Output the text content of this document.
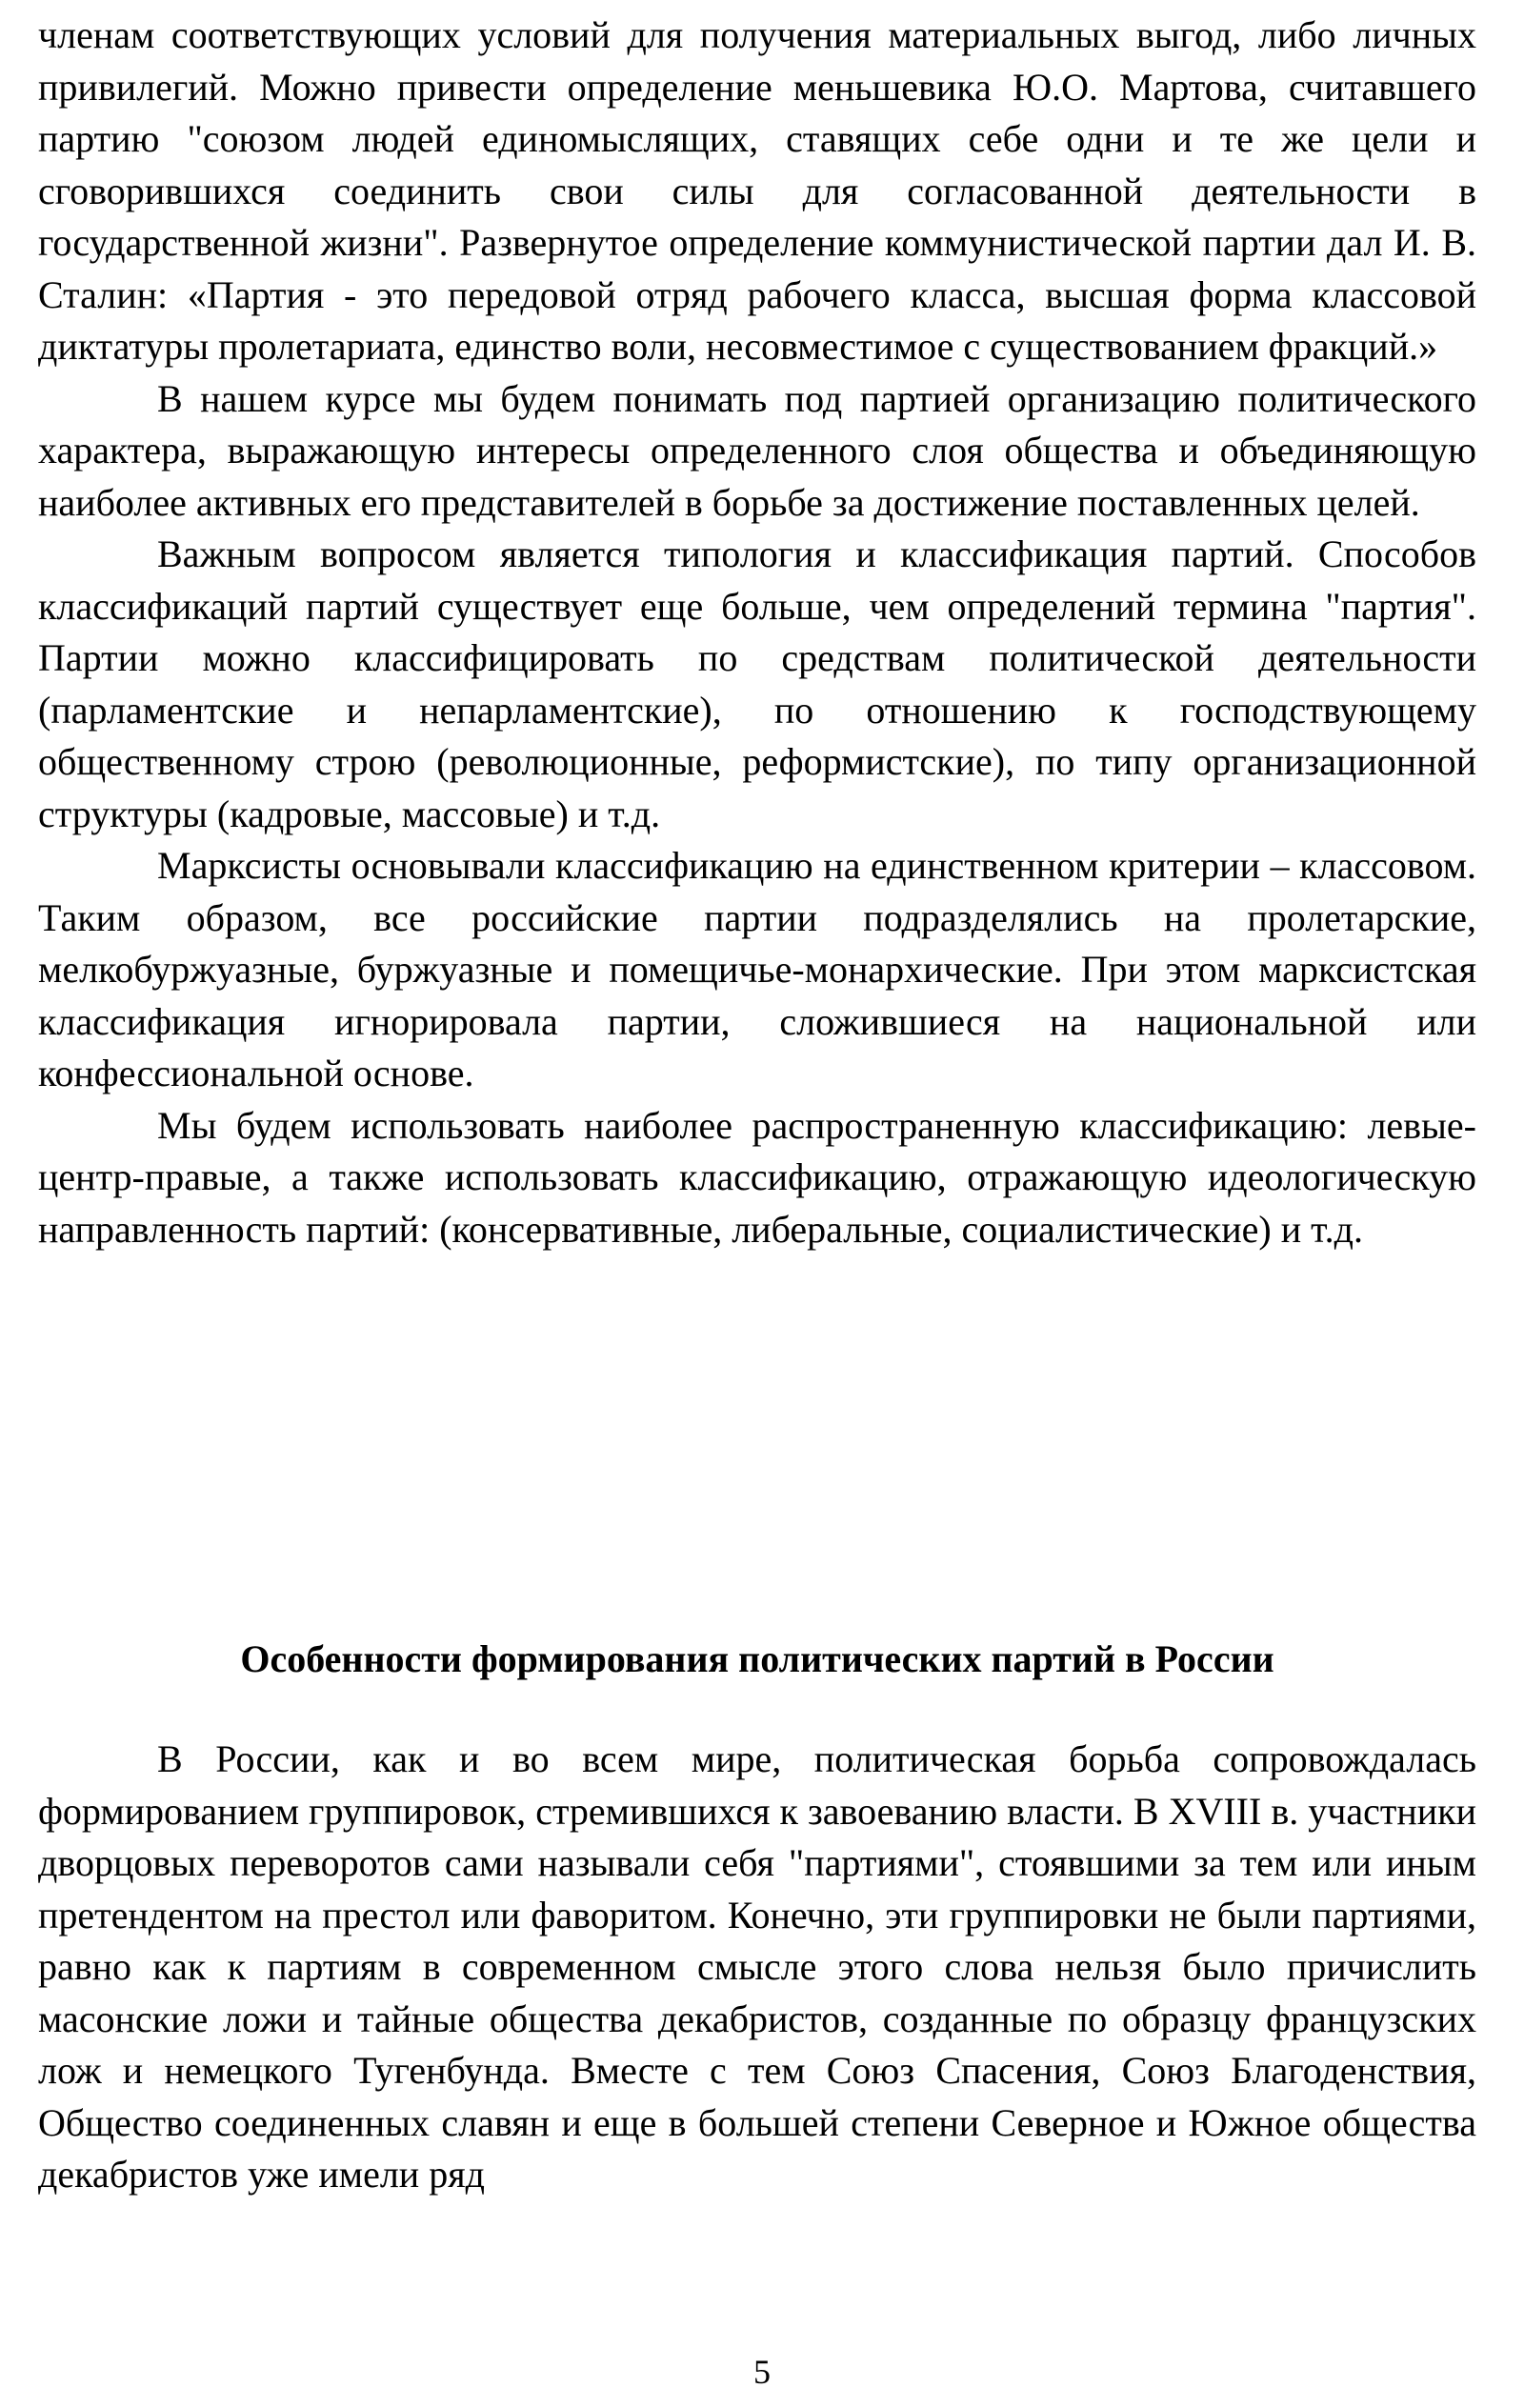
членам соответствующих условий для получения материальных выгод, либо личных привилегий. Можно привести определение меньшевика Ю.О. Мартова, считавшего партию "союзом людей единомыслящих, ставящих себе одни и те же цели и сговорившихся соединить свои силы для согласованной деятельности в государственной жизни". Развернутое определение коммунистической партии дал И. В. Сталин: «Партия - это передовой отряд рабочего класса, высшая форма классовой диктатуры пролетариата, единство воли, несовместимое с существованием фракций.»

В нашем курсе мы будем понимать под партией организацию политического характера, выражающую интересы определенного слоя общества и объединяющую наиболее активных его представителей в борьбе за достижение поставленных целей.

Важным вопросом является типология и классификация партий. Способов классификаций партий существует еще больше, чем определений термина "партия". Партии можно классифицировать по средствам политической деятельности (парламентские и непарламентские), по отношению к господствующему общественному строю (революционные, реформистские), по типу организационной структуры (кадровые, массовые) и т.д.

Марксисты основывали классификацию на единственном критерии – классовом. Таким образом, все российские партии подразделялись на пролетарские, мелкобуржуазные, буржуазные и помещичье-монархические. При этом марксистская классификация игнорировала партии, сложившиеся на национальной или конфессиональной основе.

Мы будем использовать наиболее распространенную классификацию: левые-центр-правые, а также использовать классификацию, отражающую идеологическую направленность партий: (консервативные, либеральные, социалистические) и т.д.

Особенности формирования политических партий в России

В России, как и во всем мире, политическая борьба сопровождалась формированием группировок, стремившихся к завоеванию власти. В XVIII в. участники дворцовых переворотов сами называли себя "партиями", стоявшими за тем или иным претендентом на престол или фаворитом. Конечно, эти группировки не были партиями, равно как к партиям в современном смысле этого слова нельзя было причислить масонские ложи и тайные общества декабристов, созданные по образцу французских лож и немецкого Тугенбунда. Вместе с тем Союз Спасения, Союз Благоденствия, Общество соединенных славян и еще в большей степени Северное и Южное общества декабристов уже имели ряд

5
